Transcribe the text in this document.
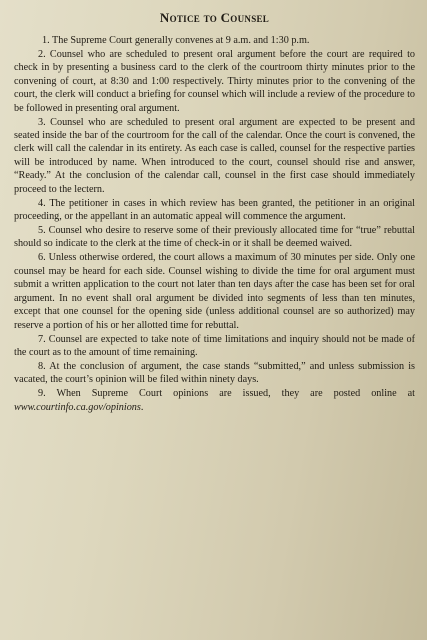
Notice to Counsel

1. The Supreme Court generally convenes at 9 a.m. and 1:30 p.m.

2. Counsel who are scheduled to present oral argument before the court are required to check in by presenting a business card to the clerk of the courtroom thirty minutes prior to the convening of court, at 8:30 and 1:00 respectively. Thirty minutes prior to the convening of the court, the clerk will conduct a briefing for counsel which will include a review of the procedure to be followed in presenting oral argument.

3. Counsel who are scheduled to present oral argument are expected to be present and seated inside the bar of the courtroom for the call of the calendar. Once the court is convened, the clerk will call the calendar in its entirety. As each case is called, counsel for the respective parties will be introduced by name. When introduced to the court, counsel should rise and answer, “Ready.” At the conclusion of the calendar call, counsel in the first case should immediately proceed to the lectern.

4. The petitioner in cases in which review has been granted, the petitioner in an original proceeding, or the appellant in an automatic appeal will commence the argument.

5. Counsel who desire to reserve some of their previously allocated time for “true” rebuttal should so indicate to the clerk at the time of check-in or it shall be deemed waived.

6. Unless otherwise ordered, the court allows a maximum of 30 minutes per side. Only one counsel may be heard for each side. Counsel wishing to divide the time for oral argument must submit a written application to the court not later than ten days after the case has been set for oral argument. In no event shall oral argument be divided into segments of less than ten minutes, except that one counsel for the opening side (unless additional counsel are so authorized) may reserve a portion of his or her allotted time for rebuttal.

7. Counsel are expected to take note of time limitations and inquiry should not be made of the court as to the amount of time remaining.

8. At the conclusion of argument, the case stands “submitted,” and unless submission is vacated, the court’s opinion will be filed within ninety days.

9. When Supreme Court opinions are issued, they are posted online at www.courtinfo.ca.gov/opinions.
